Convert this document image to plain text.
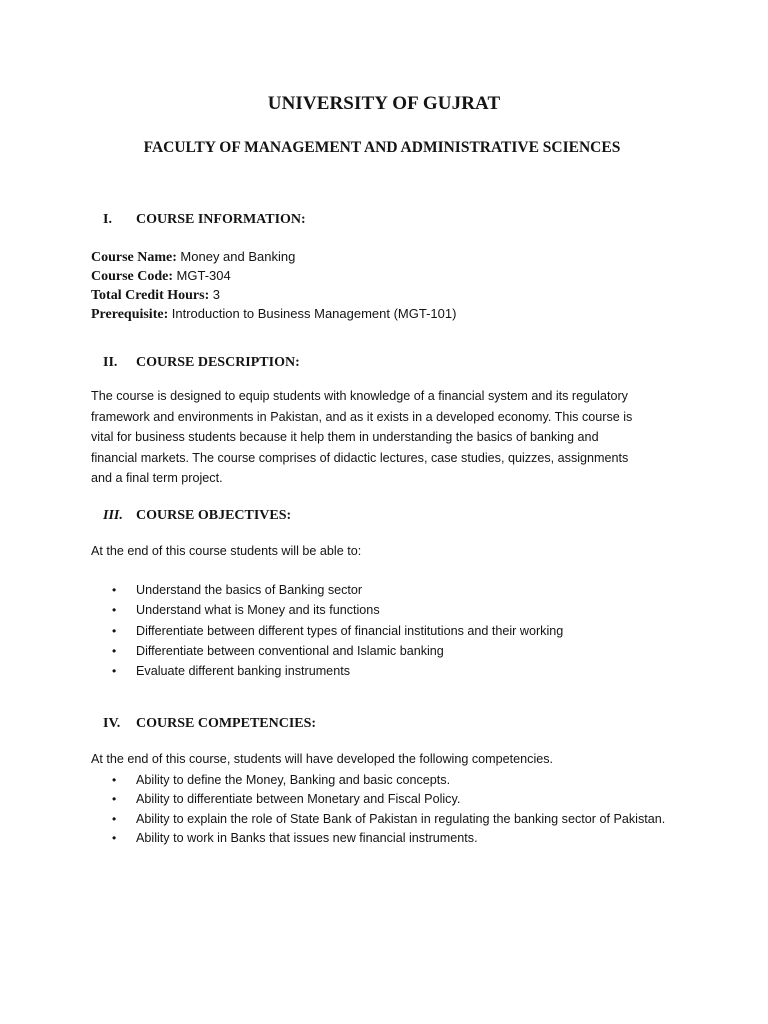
UNIVERSITY OF GUJRAT
FACULTY OF MANAGEMENT AND ADMINISTRATIVE SCIENCES
I. COURSE INFORMATION:
Course Name: Money and Banking
Course Code: MGT-304
Total Credit Hours: 3
Prerequisite: Introduction to Business Management (MGT-101)
II. COURSE DESCRIPTION:
The course is designed to equip students with knowledge of a financial system and its regulatory
framework and environments in Pakistan, and as it exists in a developed economy. This course is
vital for business students because it help them in understanding the basics of banking and
financial markets. The course comprises of didactic lectures, case studies, quizzes, assignments
and a final term project.
III. COURSE OBJECTIVES:
At the end of this course students will be able to:
• Understand the basics of Banking sector
• Understand what is Money and its functions
• Differentiate between different types of financial institutions and their working
• Differentiate between conventional and Islamic banking
• Evaluate different banking instruments
IV. COURSE COMPETENCIES:
At the end of this course, students will have developed the following competencies.
• Ability to define the Money, Banking and basic concepts.
• Ability to differentiate between Monetary and Fiscal Policy.
• Ability to explain the role of State Bank of Pakistan in regulating the banking sector of Pakistan.
• Ability to work in Banks that issues new financial instruments.
